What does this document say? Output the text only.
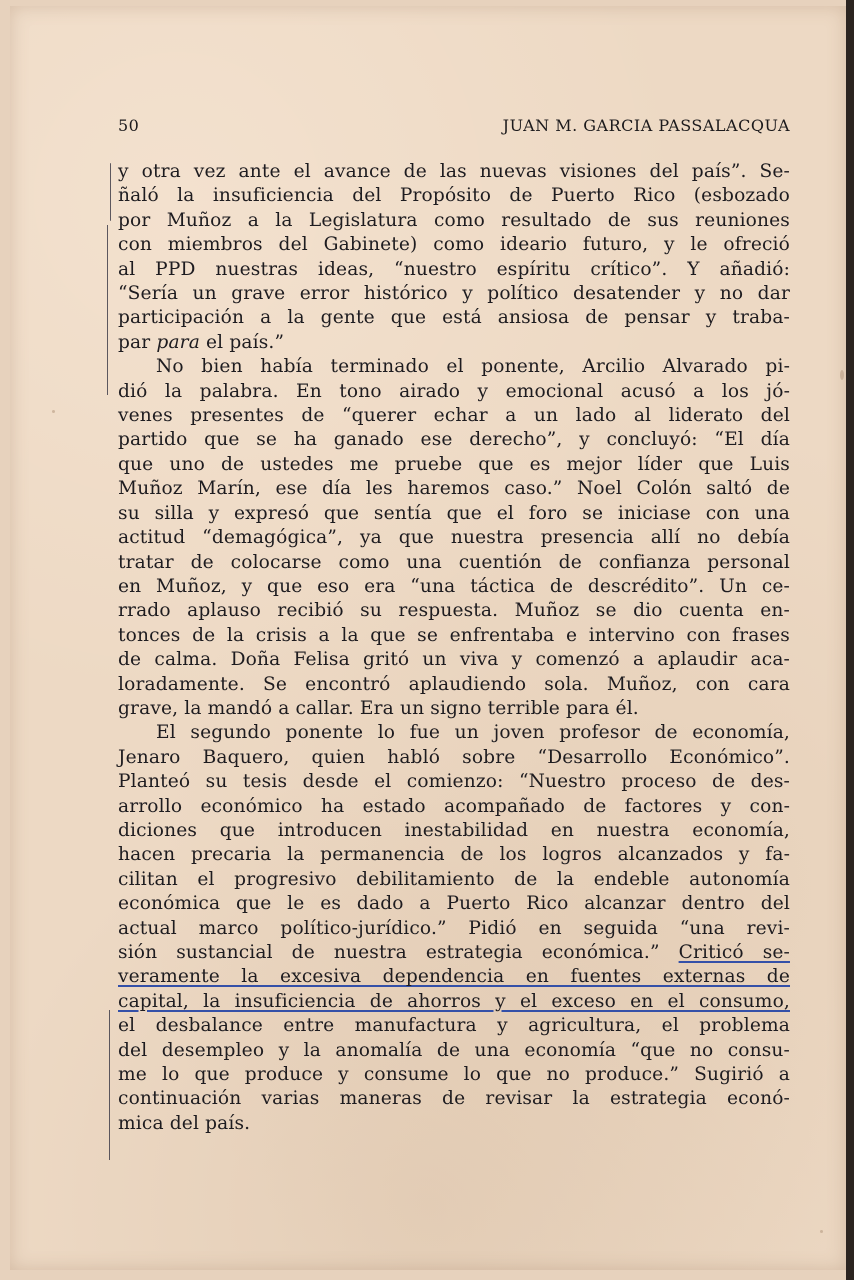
50	JUAN M. GARCIA PASSALACQUA

y otra vez ante el avance de las nuevas visiones del país”. Se-
ñaló la insuficiencia del Propósito de Puerto Rico (esbozado
por Muñoz a la Legislatura como resultado de sus reuniones
con miembros del Gabinete) como ideario futuro, y le ofreció
al PPD nuestras ideas, “nuestro espíritu crítico”. Y añadió:
“Sería un grave error histórico y político desatender y no dar
participación a la gente que está ansiosa de pensar y traba-
par para el país.”

No bien había terminado el ponente, Arcilio Alvarado pi-
dió la palabra. En tono airado y emocional acusó a los jó-
venes presentes de “querer echar a un lado al liderato del
partido que se ha ganado ese derecho”, y concluyó: “El día
que uno de ustedes me pruebe que es mejor líder que Luis
Muñoz Marín, ese día les haremos caso.” Noel Colón saltó de
su silla y expresó que sentía que el foro se iniciase con una
actitud “demagógica”, ya que nuestra presencia allí no debía
tratar de colocarse como una cuentión de confianza personal
en Muñoz, y que eso era “una táctica de descrédito”. Un ce-
rrado aplauso recibió su respuesta. Muñoz se dio cuenta en-
tonces de la crisis a la que se enfrentaba e intervino con frases
de calma. Doña Felisa gritó un viva y comenzó a aplaudir aca-
loradamente. Se encontró aplaudiendo sola. Muñoz, con cara
grave, la mandó a callar. Era un signo terrible para él.

El segundo ponente lo fue un joven profesor de economía,
Jenaro Baquero, quien habló sobre “Desarrollo Económico”.
Planteó su tesis desde el comienzo: “Nuestro proceso de des-
arrollo económico ha estado acompañado de factores y con-
diciones que introducen inestabilidad en nuestra economía,
hacen precaria la permanencia de los logros alcanzados y fa-
cilitan el progresivo debilitamiento de la endeble autonomía
económica que le es dado a Puerto Rico alcanzar dentro del
actual marco político-jurídico.” Pidió en seguida “una revi-
sión sustancial de nuestra estrategia económica.” Criticó se-
veramente la excesiva dependencia en fuentes externas de
capital, la insuficiencia de ahorros y el exceso en el consumo,
el desbalance entre manufactura y agricultura, el problema
del desempleo y la anomalía de una economía “que no consu-
me lo que produce y consume lo que no produce.” Sugirió a
continuación varias maneras de revisar la estrategia econó-
mica del país.
